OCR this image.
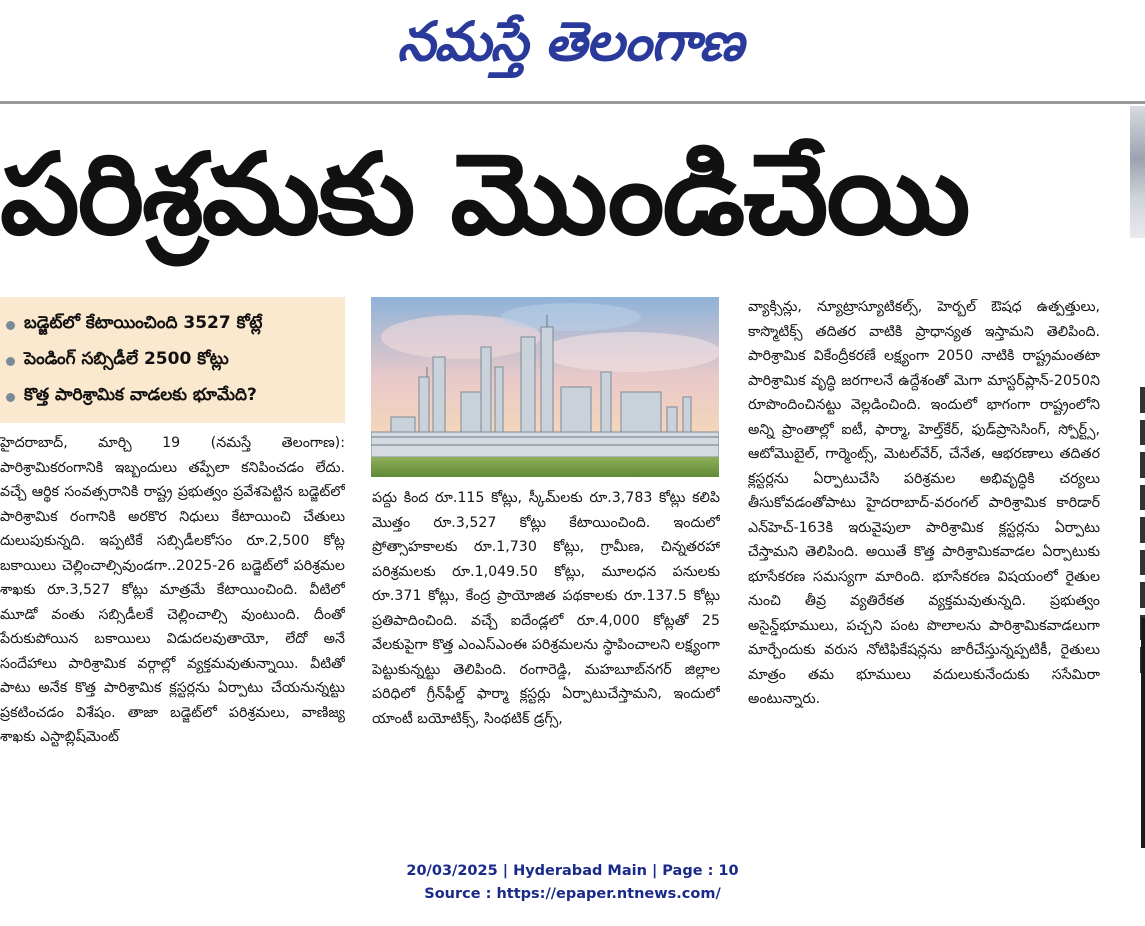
నమస్తే తెలంగాణ
పరిశ్రమకు మొండిచేయి
బడ్జెట్‌లో కేటాయించింది 3527 కోట్లే
పెండింగ్ సబ్సిడీలే 2500 కోట్లు
కొత్త పారిశ్రామిక వాడలకు భూమేది?

హైదరాబాద్, మార్చి 19 (నమస్తే తెలంగాణ): పారిశ్రామికరంగానికి ఇబ్బందులు తప్పేలా కనిపించడం లేదు. వచ్చే ఆర్థిక సంవత్సరానికి రాష్ట్ర ప్రభుత్వం ప్రవేశపెట్టిన బడ్జెట్‌లో పారిశ్రామిక రంగానికి అరకొర నిధులు కేటాయించి చేతులు దులుపుకున్నది. ఇప్పటికే సబ్సిడీలకోసం రూ.2,500 కోట్ల బకాయిలు చెల్లించాల్సివుండగా..2025-26 బడ్జెట్‌లో పరిశ్రమల శాఖకు రూ.3,527 కోట్లు మాత్రమే కేటాయించింది. వీటిలో మూడో వంతు సబ్సిడీలకే చెల్లించాల్సి వుంటుంది. దీంతో పేరుకుపోయిన బకాయిలు విడుదలవుతాయో, లేదో అనే సందేహాలు పారిశ్రామిక వర్గాల్లో వ్యక్తమవుతున్నాయి. వీటితో పాటు అనేక కొత్త పారిశ్రామిక క్లస్టర్లను ఏర్పాటు చేయనున్నట్టు ప్రకటించడం విశేషం. తాజా బడ్జెట్‌లో పరిశ్రమలు, వాణిజ్య శాఖకు ఎస్టాబ్లిష్‌మెంట్

పద్దు కింద రూ.115 కోట్లు, స్కీమ్‌లకు రూ.3,783 కోట్లు కలిపి మొత్తం రూ.3,527 కోట్లు కేటాయించింది. ఇందులో ప్రోత్సాహకాలకు రూ.1,730 కోట్లు, గ్రామీణ, చిన్నతరహా పరిశ్రమలకు రూ.1,049.50 కోట్లు, మూలధన పనులకు రూ.371 కోట్లు, కేంద్ర ప్రాయోజిత పథకాలకు రూ.137.5 కోట్లు ప్రతిపాదించింది. వచ్చే ఐదేండ్లలో రూ.4,000 కోట్లతో 25 వేలకుపైగా కొత్త ఎంఎస్‌ఎంఈ పరిశ్రమలను స్థాపించాలని లక్ష్యంగా పెట్టుకున్నట్టు తెలిపింది. రంగారెడ్డి, మహబూబ్‌నగర్ జిల్లాల పరిధిలో గ్రీన్‌ఫీల్డ్ ఫార్మా క్లస్టర్లు ఏర్పాటుచేస్తామని, ఇందులో యాంటీ బయోటిక్స్, సింథటిక్ డ్రగ్స్,

వ్యాక్సిన్లు, న్యూట్రాస్యూటికల్స్, హెర్బల్ ఔషధ ఉత్పత్తులు, కాస్మొటిక్స్ తదితర వాటికి ప్రాధాన్యత ఇస్తామని తెలిపింది. పారిశ్రామిక వికేంద్రీకరణే లక్ష్యంగా 2050 నాటికి రాష్ట్రమంతటా పారిశ్రామిక వృద్ధి జరగాలనే ఉద్దేశంతో మెగా మాస్టర్‌ప్లాన్-2050ని రూపొందించినట్టు వెల్లడించింది. ఇందులో భాగంగా రాష్ట్రంలోని అన్ని ప్రాంతాల్లో ఐటీ, ఫార్మా, హెల్త్‌కేర్, ఫుడ్‌ప్రాసెసింగ్, స్పోర్ట్స్, ఆటోమొబైల్, గార్మెంట్స్, మెటల్‌వేర్, చేనేత, ఆభరణాలు తదితర క్లస్టర్లను ఏర్పాటుచేసి పరిశ్రమల అభివృద్ధికి చర్యలు తీసుకోవడంతోపాటు హైదరాబాద్-వరంగల్ పారిశ్రామిక కారిడార్ ఎన్‌హెచ్-163కి ఇరువైపులా పారిశ్రామిక క్లస్టర్లను ఏర్పాటు చేస్తామని తెలిపింది. అయితే కొత్త పారిశ్రామికవాడల ఏర్పాటుకు భూసేకరణ సమస్యగా మారింది. భూసేకరణ విషయంలో రైతుల నుంచి తీవ్ర వ్యతిరేకత వ్యక్తమవుతున్నది. ప్రభుత్వం అసైన్డ్‌భూములు, పచ్చని పంట పొలాలను పారిశ్రామికవాడలుగా మార్చేందుకు వరుస నోటిఫికేషన్లను జారీచేస్తున్నప్పటికీ, రైతులు మాత్రం తమ భూములు వదులుకునేందుకు ససేమిరా అంటున్నారు.

20/03/2025 | Hyderabad Main | Page : 10
Source : https://epaper.ntnews.com/
